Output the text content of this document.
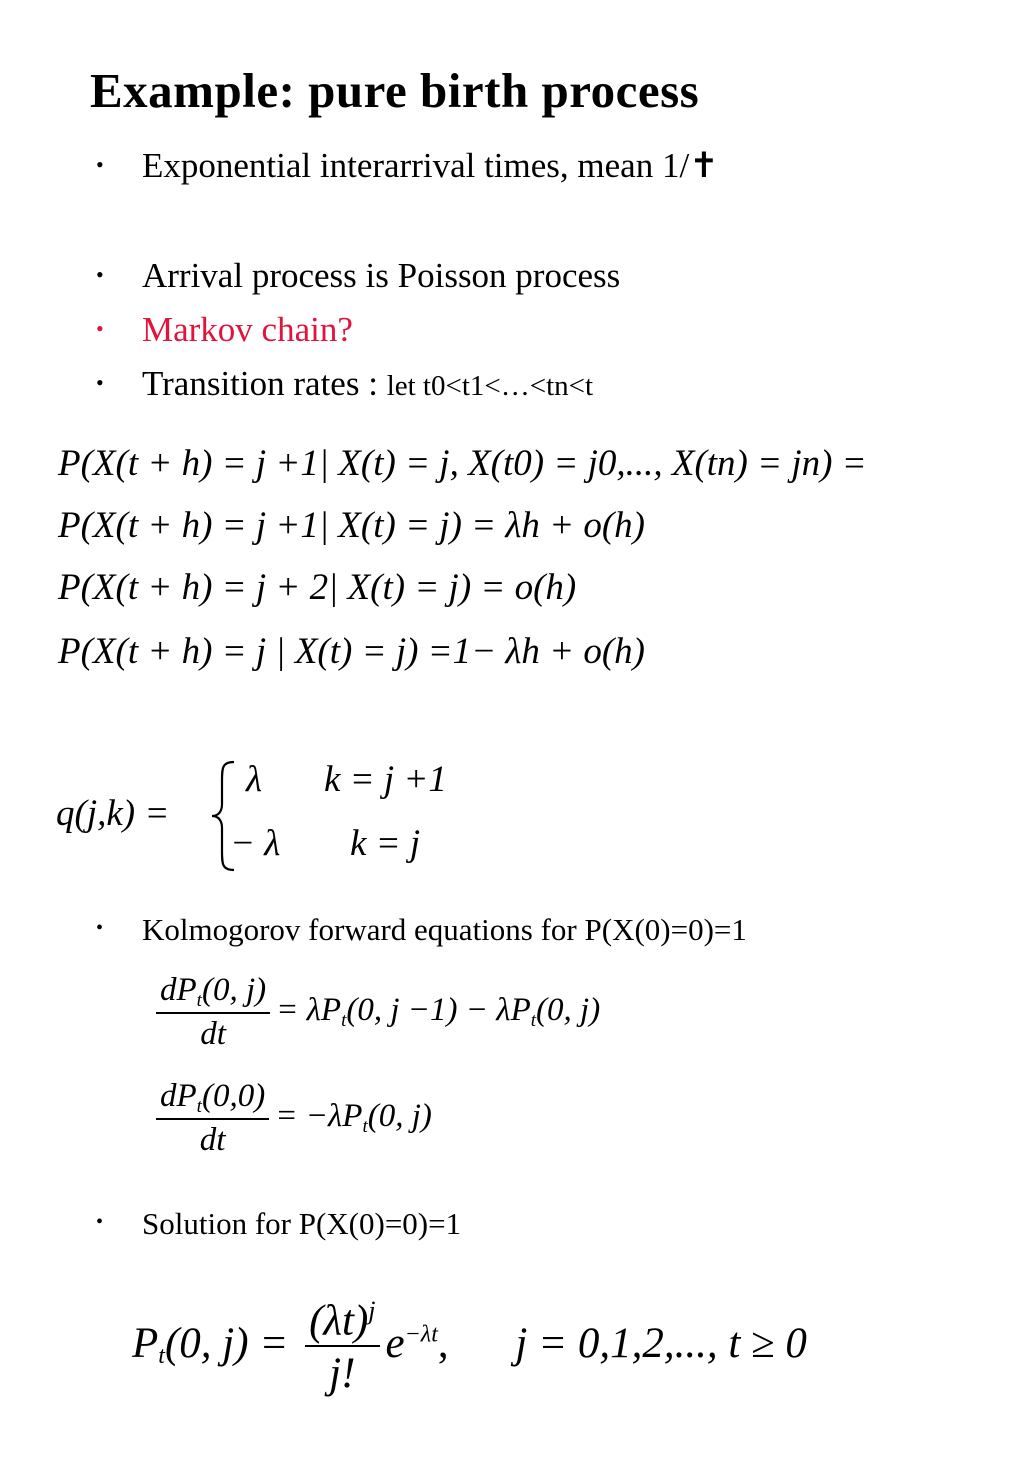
Example: pure birth process
• Exponential interarrival times, mean 1/✝
• Arrival process is Poisson process
• Markov chain?
• Transition rates : let t0<t1<…<tn<t
P(X(t + h) = j +1| X(t) = j, X(t0) = j0,..., X(tn) = jn) =
P(X(t + h) = j +1| X(t) = j) = λh + o(h)
P(X(t + h) = j + 2| X(t) = j) = o(h)
P(X(t + h) = j | X(t) = j) =1− λh + o(h)
q(j,k) =
λ k = j +1
− λ k = j
• Kolmogorov forward equations for P(X(0)=0)=1
$\frac{dP_t(0, j)}{dt} = \lambda P_t(0$, $j -1) - \lambda P_t(0$, j)
$\frac{dP_t(0,0)}{dt} = -\lambda P_t(0$, j)
• Solution for P(X(0)=0)=1
$P_t(0$, $j) = \frac{(\lambda t)^j}{j!} e^{-\lambda t}$, j = 0,1,2,..., t ≥ 0
